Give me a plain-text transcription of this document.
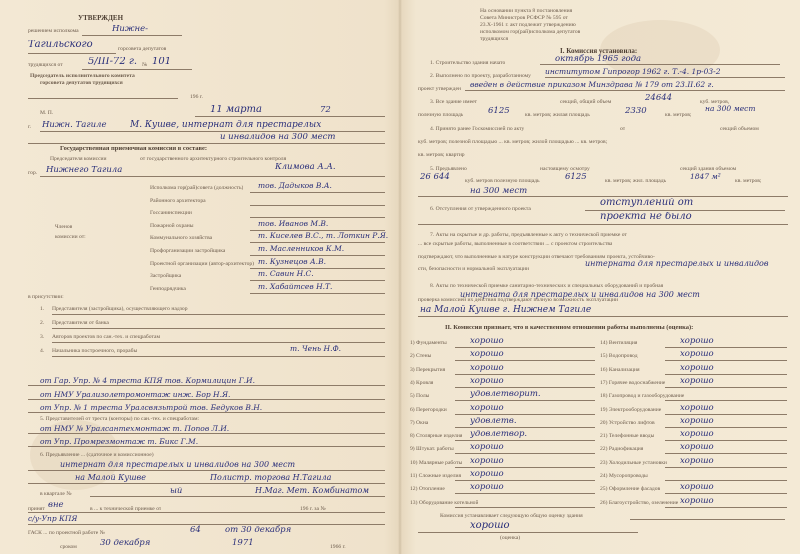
УТВЕРЖДЕН
решением исполкома	Нижне-
Тагильского	горсовета депутатов
трудящихся от	5/III-72 г. № 101
Председатель исполнительного комитета
горсовета депутатов трудящихся
196 г.
М. П.	11 марта	72
г. Нижн. Тагиле	М. Кушве, интернат для престарелых
и инвалидов на 300 мест
Государственная приемочная комиссия в составе:
Председателя комиссии	от государственного архитектурного строительного контроля
гор. Нижнего Тагила	Климова А.А.
Членов
комиссии от:
Исполкома гор(рай)совета (должность) тов. Дадыков В.А.
Районного архитектора
Госсанинспекции
Пожарной охраны	тов. Иванов М.В.
Коммунального хозяйства	т. Киселев В.С., т. Лоткин Р.Я.
Профорганизации застройщика	т. Масленников К.М.
Проектной организации (автор-архитектор) т. Кузнецов А.В.
Застройщика	т. Савин Н.С.
Генподрядчика	т. Хабайтсев Н.Т.
в присутствии:
1. Представителя (застройщика), осуществляющего надзор
2. Представителя от банка
3. Авторов проектов по сан.-тех. и спецработам
4. Начальника построечного, прорабы	т. Чень Н.Ф.
от Гар. Упр. № 4 треста КПЯ тов. Кормилицин Г.И.
от НМУ Урализолетромонтаж инж. Бор Н.Я.
от Упр. № 1 треста Уралсвязьтрой тов. Бедуков В.Н.
5. Представителей от треста (конторы) по сан.-тех. и спецработам:
от НМУ № Уралсантехмонтаж т. Попов Л.И.
от Упр. Промрезмонтаж т. Бикс Г.М.
6. Предъявление ... (сдаточное и комиссионное)
интернат для престарелых и инвалидов на 300 мест
на Малой Кушве	Полистр. торгова Н.Тагила
в квартале №	ый	Н.Маг. Мет. Комбинатом
принят вне	в ... к технической приемке от	196 г. за №
с/у-Упр КПЯ
ГАСК ... по проектной работе №	64	от 30 декабря
сроком	30 декабря	1971	1966 г.
На основании пункта 8 постановления
Совета Министров РСФСР № 595 от
23.Х-1961 г. акт подлежит утверждению
исполкомом гор(рай)исполкома депутатов
трудящихся
I. Комиссия установила:
1. Строительство здания начато	октябрь 1965 года
2. Выполнено по проекту, разработанному институтом Гипрогор 1962 г. Т.-4. 1р-03-2
проект утвержден введен в действие приказом Минздрава № 179 от 23.II.62 г.
3. Все здание имеет	секций, общий объем	24644	куб. метров,
полезную площадь	6125	кв. метров; жилая площадь	2330	кв. метров;
на 300 мест
4. Принято ранее Госкомиссией по акту	от	секций объемом
куб. метров; полезной площадью ... кв. метров; жилой площадью ... кв. метров;
кв. метров; квартир
5. Предъявлено	настоящему осмотру	секций здания объемом
26 644	куб. метров полезную площадь	6125	кв. метров; жил. площадь	1847 м²	кв. метров;
на 300 мест
6. Отступления от утвержденного проекта
отступлений от
проекта не было
7. Акты на скрытые и др. работы, предъявленные к акту о технической приемке от
... все скрытые работы, выполненные в соответствии ... с проектом строительства
подтверждают, что выполненные в натуре конструкции отвечают требованиям проекта, устойчиво-
сти, безопасности и нормальной эксплуатации
интерната для престарелых и инвалидов
8. Акты по технической приемке санитарно-технических и специальных оборудований и пробная
проверка комиссией их действия подтверждают полную возможность эксплуатации
интерната для престарелых и инвалидов на 300 мест
на Малой Кушве г. Нижнем Тагиле
II. Комиссия признает, что в качественном отношении работы выполнены (оценка):
1) Фундаменты	хорошо
2) Стены	хорошо
3) Перекрытия	хорошо
4) Кровля	хорошо
5) Полы	удовлетворит.
6) Перегородки	хорошо
7) Окна	удовлетв.
8) Столярные изделия удовлетвор.
9) Штукат. работы хорошо
10) Малярные работы хорошо
11) Сложные изделия хорошо
12) Отопление	хорошо
13) Оборудование котельной
14) Вентиляция	хорошо
15) Водопровод	хорошо
16) Канализация	хорошо
17) Горячее водоснабжение хорошо
18) Газопровод и газооборудование
19) Электрооборудование хорошо
20) Устройство лифтов	хорошо
21) Телефонные вводы	хорошо
22) Радиофикация	хорошо
23) Холодильные установки хорошо
24) Мусоропроводы
25) Оформление фасадов хорошо
26) Благоустройство, озеленение хорошо
Комиссия устанавливает следующую общую оценку здания
хорошо
(оценка)
